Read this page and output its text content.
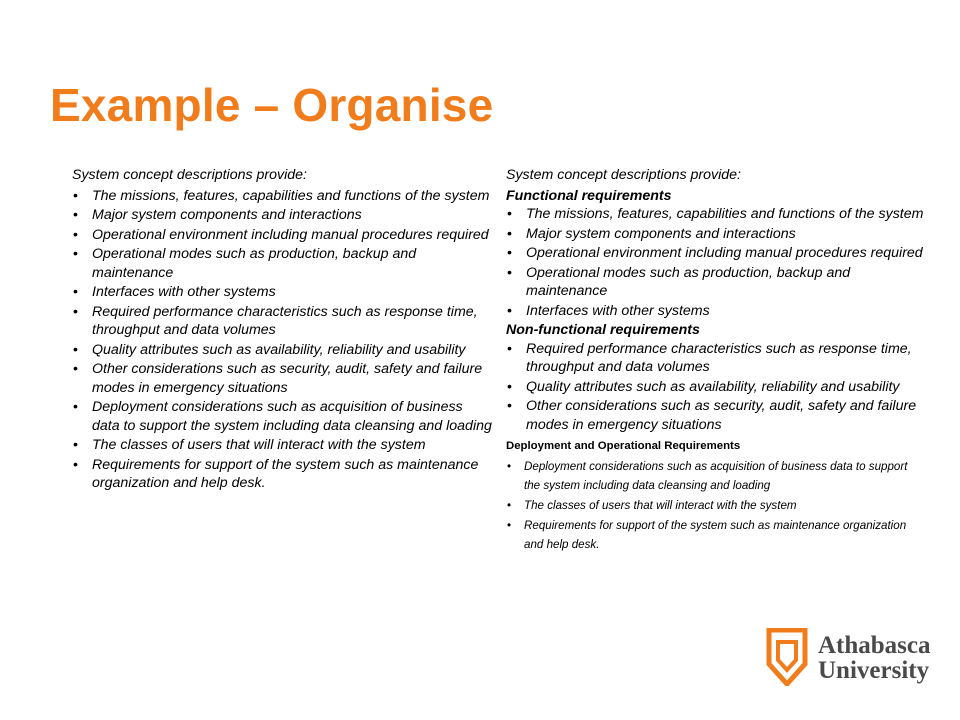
Example – Organise

System concept descriptions provide:

• The missions, features, capabilities and functions of the system
• Major system components and interactions
• Operational environment including manual procedures required
• Operational modes such as production, backup and maintenance
• Interfaces with other systems
• Required performance characteristics such as response time, throughput and data volumes
• Quality attributes such as availability, reliability and usability
• Other considerations such as security, audit, safety and failure modes in emergency situations
• Deployment considerations such as acquisition of business data to support the system including data cleansing and loading
• The classes of users that will interact with the system
• Requirements for support of the system such as maintenance organization and help desk.

System concept descriptions provide:

Functional requirements

• The missions, features, capabilities and functions of the system
• Major system components and interactions
• Operational environment including manual procedures required
• Operational modes such as production, backup and maintenance
• Interfaces with other systems

Non-functional requirements

• Required performance characteristics such as response time, throughput and data volumes
• Quality attributes such as availability, reliability and usability
• Other considerations such as security, audit, safety and failure modes in emergency situations

Deployment and Operational Requirements

• Deployment considerations such as acquisition of business data to support the system including data cleansing and loading
• The classes of users that will interact with the system
• Requirements for support of the system such as maintenance organization and help desk.
Athabasca
University
